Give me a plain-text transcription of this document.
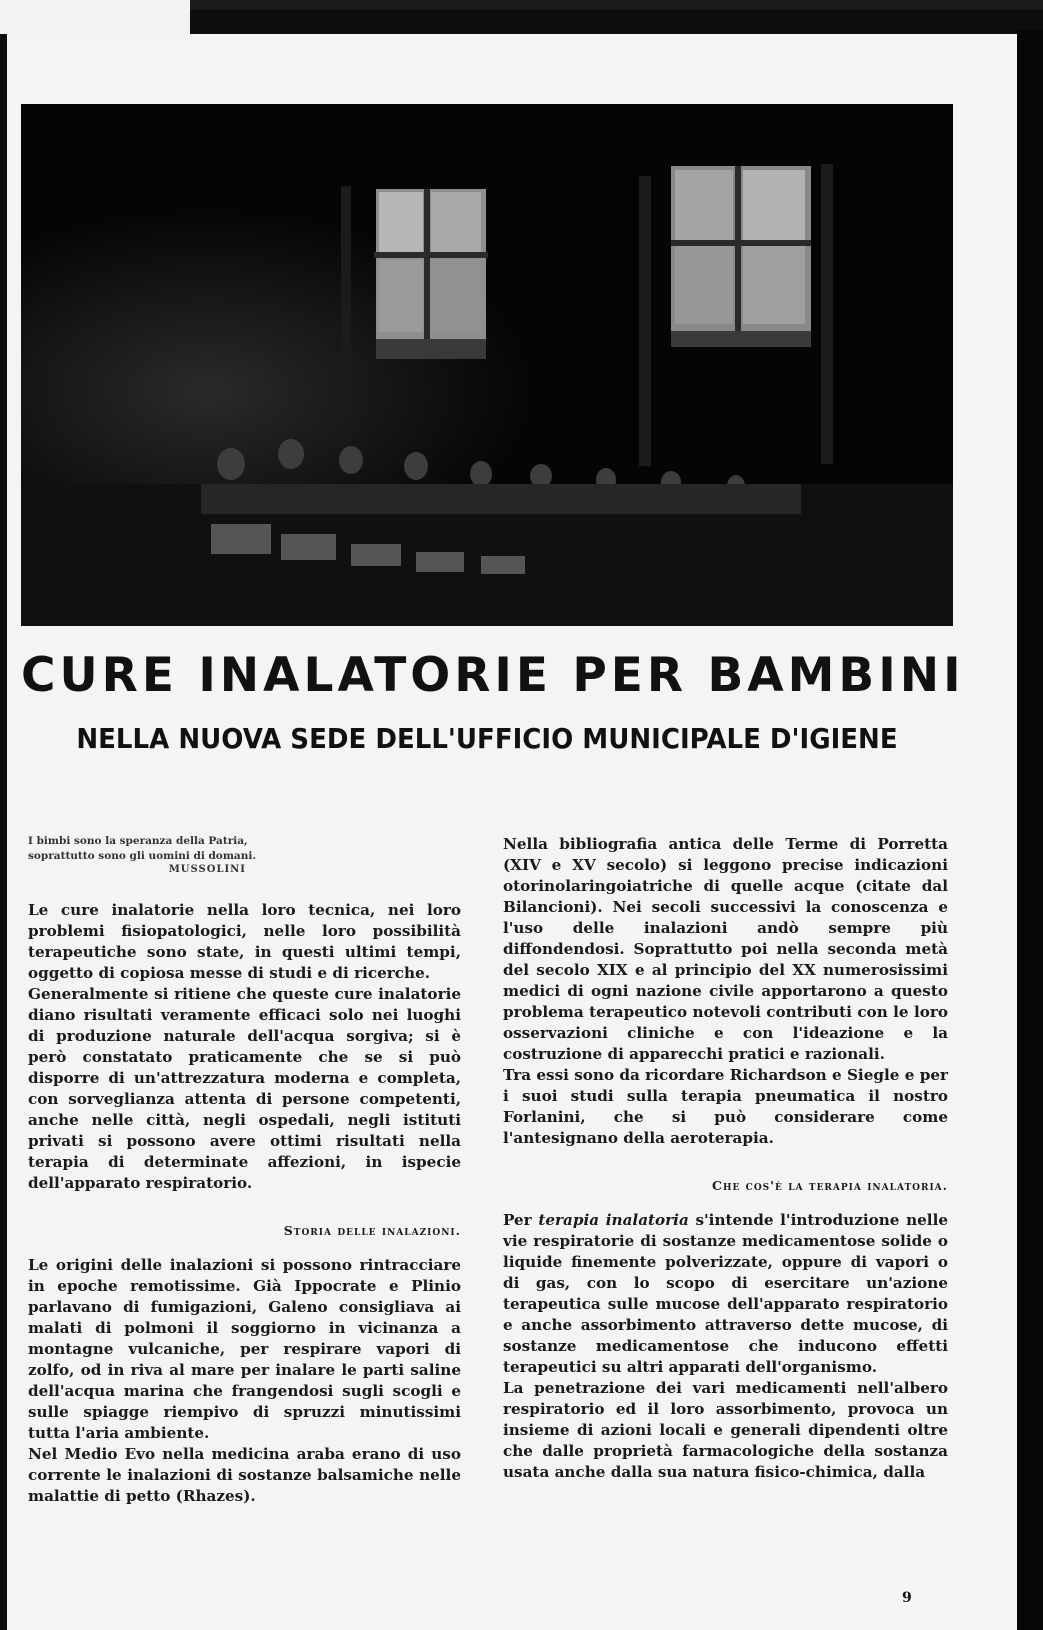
CURE INALATORIE PER BAMBINI
NELLA NUOVA SEDE DELL'UFFICIO MUNICIPALE D'IGIENE
I bimbi sono la speranza della Patria,
soprattutto sono gli uomini di domani.
MUSSOLINI

Le cure inalatorie nella loro tecnica, nei loro problemi fisiopatologici, nelle loro possibilità terapeutiche sono state, in questi ultimi tempi, oggetto di copiosa messe di studi e di ricerche.

Generalmente si ritiene che queste cure inalatorie diano risultati veramente efficaci solo nei luoghi di produzione naturale dell'acqua sorgiva; si è però constatato praticamente che se si può disporre di un'attrezzatura moderna e completa, con sorveglianza attenta di persone competenti, anche nelle città, negli ospedali, negli istituti privati si possono avere ottimi risultati nella terapia di determinate affezioni, in ispecie dell'apparato respiratorio.

Storia delle inalazioni.

Le origini delle inalazioni si possono rintracciare in epoche remotissime. Già Ippocrate e Plinio parlavano di fumigazioni, Galeno consigliava ai malati di polmoni il soggiorno in vicinanza a montagne vulcaniche, per respirare vapori di zolfo, od in riva al mare per inalare le parti saline dell'acqua marina che frangendosi sugli scogli e sulle spiagge riempivo di spruzzi minutissimi tutta l'aria ambiente.

Nel Medio Evo nella medicina araba erano di uso corrente le inalazioni di sostanze balsamiche nelle malattie di petto (Rhazes).

Nella bibliografia antica delle Terme di Porretta (XIV e XV secolo) si leggono precise indicazioni otorinolaringoiatriche di quelle acque (citate dal Bilancioni). Nei secoli successivi la conoscenza e l'uso delle inalazioni andò sempre più diffondendosi. Soprattutto poi nella seconda metà del secolo XIX e al principio del XX numerosissimi medici di ogni nazione civile apportarono a questo problema terapeutico notevoli contributi con le loro osservazioni cliniche e con l'ideazione e la costruzione di apparecchi pratici e razionali.

Tra essi sono da ricordare Richardson e Siegle e per i suoi studi sulla terapia pneumatica il nostro Forlanini, che si può considerare come l'antesignano della aeroterapia.

Che cos'è la terapia inalatoria.

Per terapia inalatoria s'intende l'introduzione nelle vie respiratorie di sostanze medicamentose solide o liquide finemente polverizzate, oppure di vapori o di gas, con lo scopo di esercitare un'azione terapeutica sulle mucose dell'apparato respiratorio e anche assorbimento attraverso dette mucose, di sostanze medicamentose che inducono effetti terapeutici su altri apparati dell'organismo.

La penetrazione dei vari medicamenti nell'albero respiratorio ed il loro assorbimento, provoca un insieme di azioni locali e generali dipendenti oltre che dalle proprietà farmacologiche della sostanza usata anche dalla sua natura fisico-chimica, dalla

9
